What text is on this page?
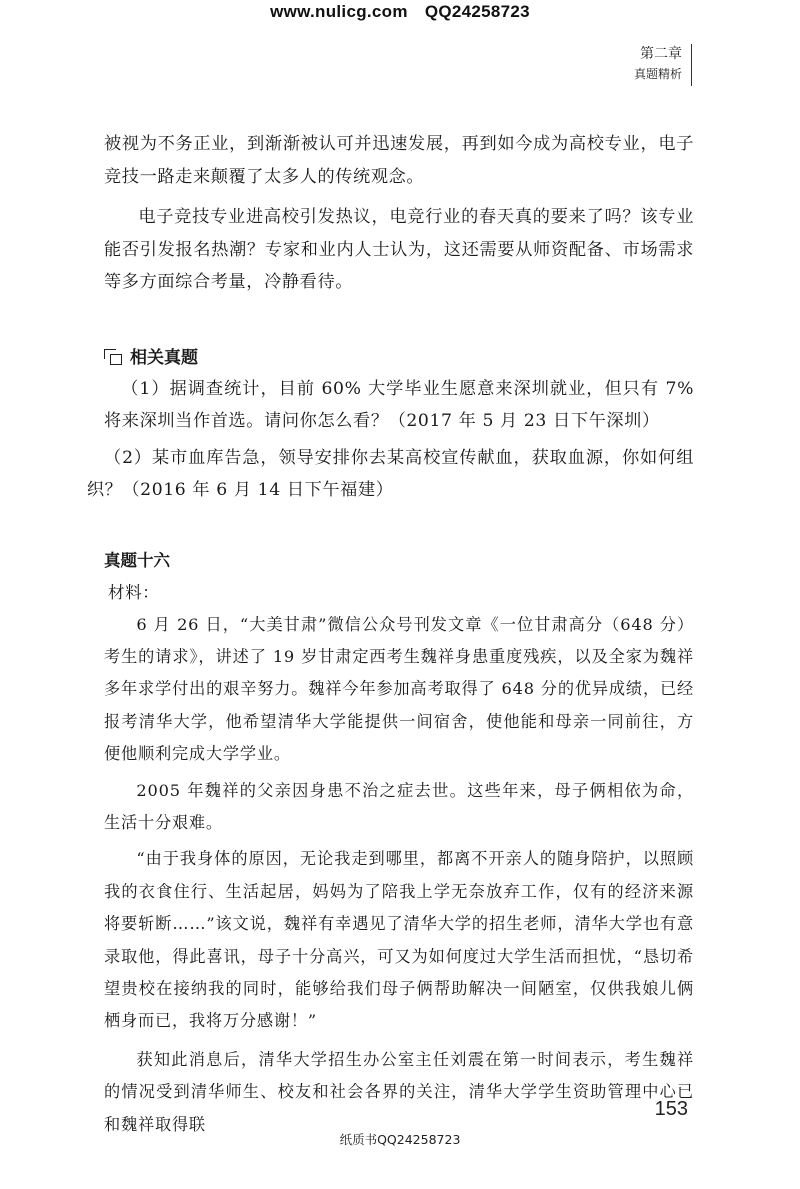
www.nulicg.com QQ24258723
第二章
真题精析

被视为不务正业，到渐渐被认可并迅速发展，再到如今成为高校专业，电子竞技一路走来颠覆了太多人的传统观念。

电子竞技专业进高校引发热议，电竞行业的春天真的要来了吗？该专业能否引发报名热潮？专家和业内人士认为，这还需要从师资配备、市场需求等多方面综合考量，冷静看待。

相关真题

（1）据调查统计，目前 60% 大学毕业生愿意来深圳就业，但只有 7% 将来深圳当作首选。请问你怎么看？（2017 年 5 月 23 日下午深圳）

（2）某市血库告急，领导安排你去某高校宣传献血，获取血源，你如何组织？（2016 年 6 月 14 日下午福建）

真题十六

材料：

6 月 26 日，“大美甘肃”微信公众号刊发文章《一位甘肃高分（648 分）考生的请求》，讲述了 19 岁甘肃定西考生魏祥身患重度残疾，以及全家为魏祥多年求学付出的艰辛努力。魏祥今年参加高考取得了 648 分的优异成绩，已经报考清华大学，他希望清华大学能提供一间宿舍，使他能和母亲一同前往，方便他顺利完成大学学业。

2005 年魏祥的父亲因身患不治之症去世。这些年来，母子俩相依为命，生活十分艰难。

“由于我身体的原因，无论我走到哪里，都离不开亲人的随身陪护，以照顾我的衣食住行、生活起居，妈妈为了陪我上学无奈放弃工作，仅有的经济来源将要斩断……”该文说，魏祥有幸遇见了清华大学的招生老师，清华大学也有意录取他，得此喜讯，母子十分高兴，可又为如何度过大学生活而担忧，“恳切希望贵校在接纳我的同时，能够给我们母子俩帮助解决一间陋室，仅供我娘儿俩栖身而已，我将万分感谢！”

获知此消息后，清华大学招生办公室主任刘震在第一时间表示，考生魏祥的情况受到清华师生、校友和社会各界的关注，清华大学学生资助管理中心已和魏祥取得联

153
纸质书QQ24258723
